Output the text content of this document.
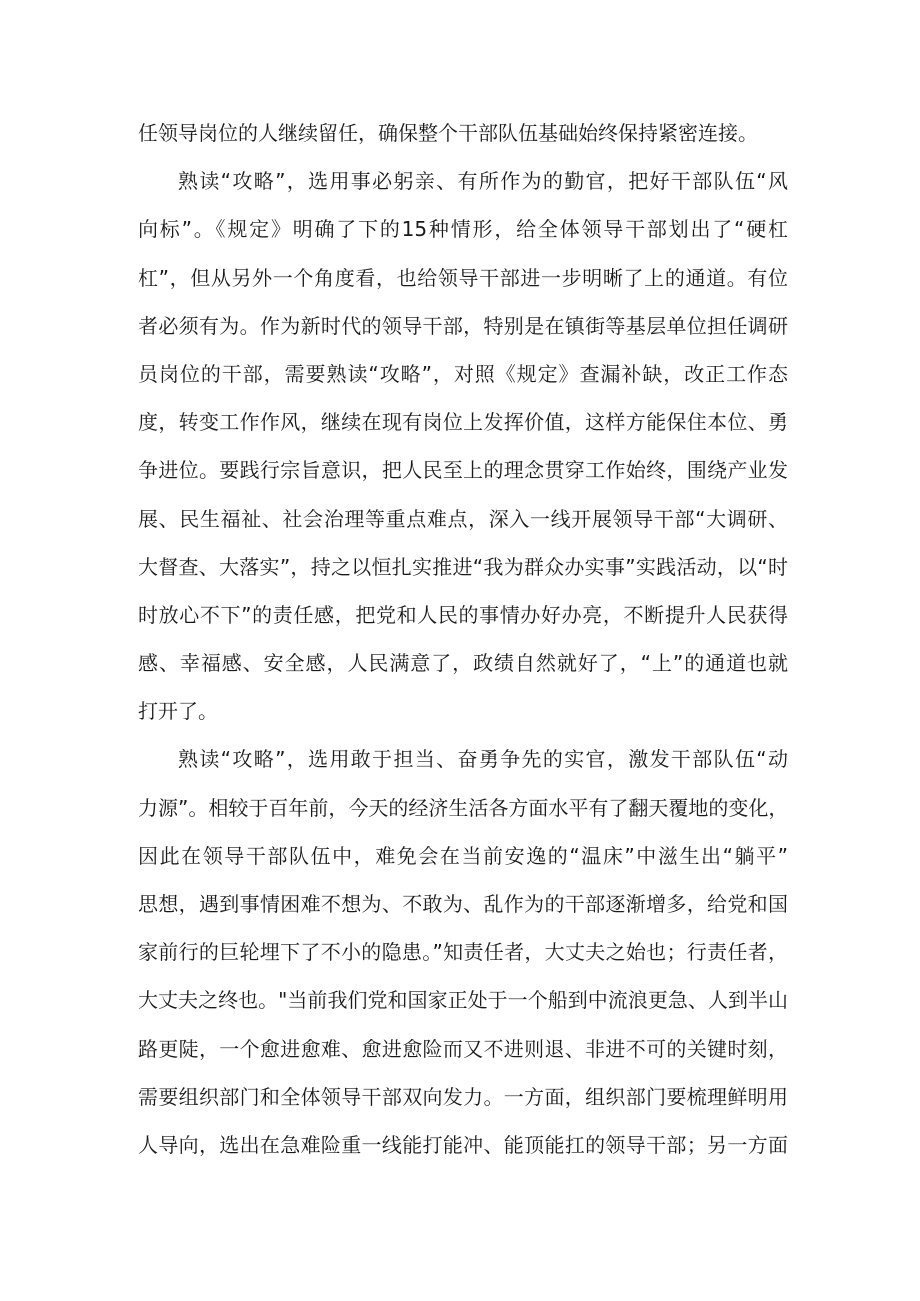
任领导岗位的人继续留任，确保整个干部队伍基础始终保持紧密连接。
熟读“攻略”，选用事必躬亲、有所作为的勤官，把好干部队伍“风
向标”。《规定》明确了下的15种情形，给全体领导干部划出了“硬杠
杠”，但从另外一个角度看，也给领导干部进一步明晰了上的通道。有位
者必须有为。作为新时代的领导干部，特别是在镇街等基层单位担任调研
员岗位的干部，需要熟读“攻略”，对照《规定》查漏补缺，改正工作态
度，转变工作作风，继续在现有岗位上发挥价值，这样方能保住本位、勇
争进位。要践行宗旨意识，把人民至上的理念贯穿工作始终，围绕产业发
展、民生福祉、社会治理等重点难点，深入一线开展领导干部“大调研、
大督查、大落实”，持之以恒扎实推进“我为群众办实事”实践活动，以“时
时放心不下”的责任感，把党和人民的事情办好办亮，不断提升人民获得
感、幸福感、安全感，人民满意了，政绩自然就好了，“上”的通道也就
打开了。
熟读“攻略”，选用敢于担当、奋勇争先的实官，激发干部队伍“动
力源”。相较于百年前，今天的经济生活各方面水平有了翻天覆地的变化，
因此在领导干部队伍中，难免会在当前安逸的“温床”中滋生出“躺平”
思想，遇到事情困难不想为、不敢为、乱作为的干部逐渐增多，给党和国
家前行的巨轮埋下了不小的隐患。”知责任者，大丈夫之始也；行责任者，
大丈夫之终也。"当前我们党和国家正处于一个船到中流浪更急、人到半山
路更陡，一个愈进愈难、愈进愈险而又不进则退、非进不可的关键时刻，
需要组织部门和全体领导干部双向发力。一方面，组织部门要梳理鲜明用
人导向，选出在急难险重一线能打能冲、能顶能扛的领导干部；另一方面
